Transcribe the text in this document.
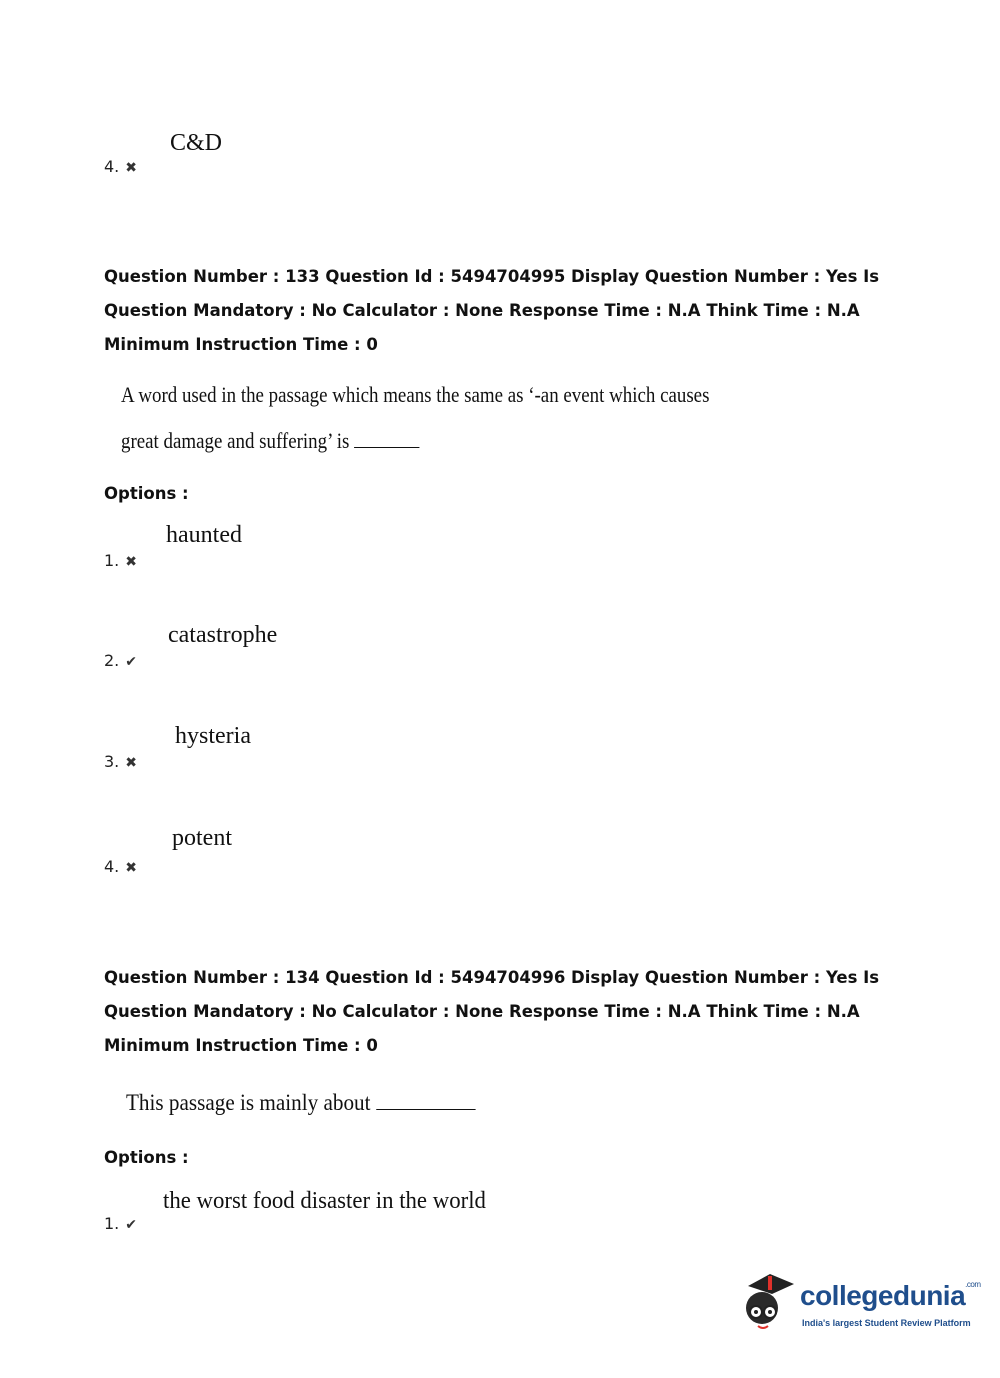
C&D
4. ✖
Question Number : 133 Question Id : 5494704995 Display Question Number : Yes Is Question Mandatory : No Calculator : None Response Time : N.A Think Time : N.A Minimum Instruction Time : 0
A word used in the passage which means the same as ‘-an event which causes
great damage and suffering’ is
Options :
haunted
1. ✖
catastrophe
2. ✔
hysteria
3. ✖
potent
4. ✖
Question Number : 134 Question Id : 5494704996 Display Question Number : Yes Is Question Mandatory : No Calculator : None Response Time : N.A Think Time : N.A Minimum Instruction Time : 0
This passage is mainly about
Options :
the worst food disaster in the world
1. ✔
collegedunia$^{.com}$
India's largest Student Review Platform
